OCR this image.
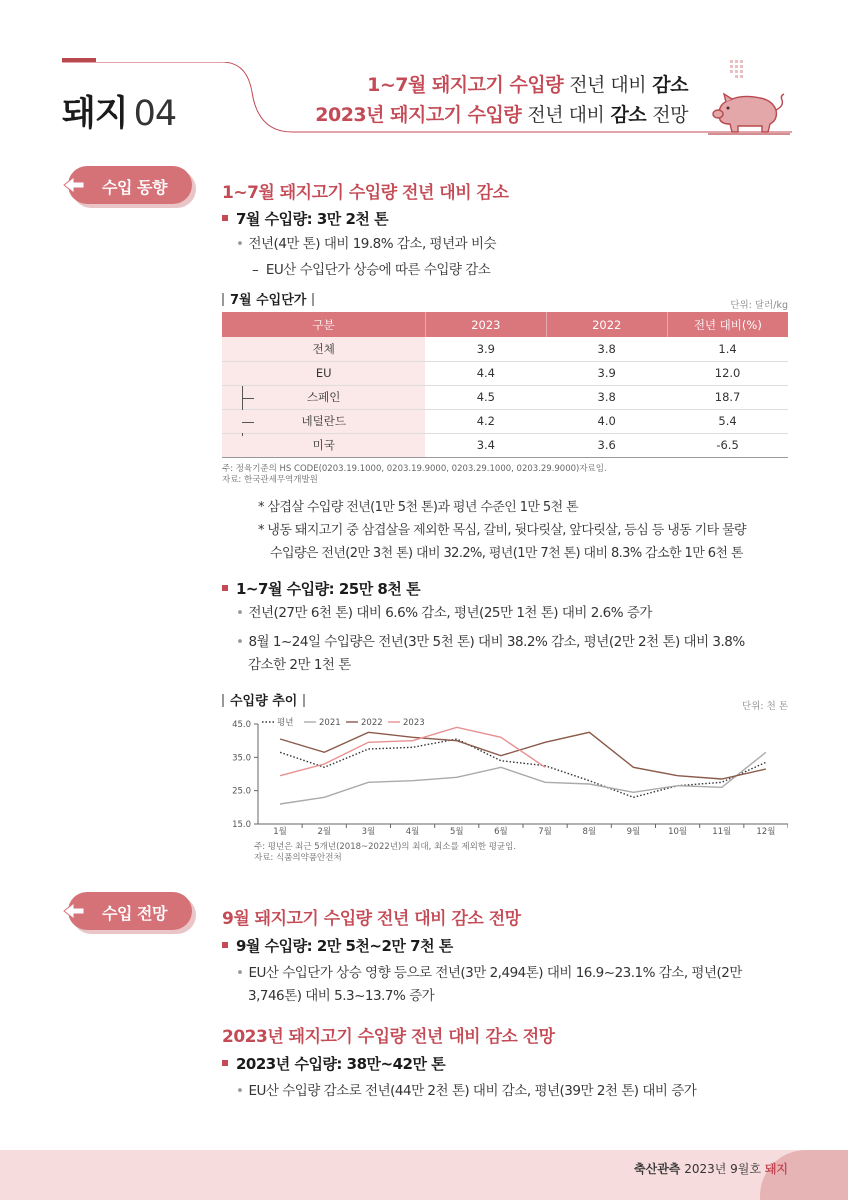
돼지 04
1~7월 돼지고기 수입량 전년 대비 감소
2023년 돼지고기 수입량 전년 대비 감소 전망
수입 동향	1~7월 돼지고기 수입량 전년 대비 감소
7월 수입량: 3만 2천 톤
• 전년(4만 톤) 대비 19.8% 감소, 평년과 비슷
–  EU산 수입단가 상승에 따른 수입량 감소
7월 수입단가	단위: 달러/kg
구분	2023	2022	전년 대비(%)
전체	3.9	3.8	1.4
EU	4.4	3.9	12.0

스페인	4.5	3.8	18.7

네덜란드	4.2	4.0	5.4
미국	3.4	3.6	-6.5
주: 정육기준의 HS CODE(0203.19.1000, 0203.19.9000, 0203.29.1000, 0203.29.9000)자료임.
자료: 한국관세무역개발원
* 삼겹살 수입량 전년(1만 5천 톤)과 평년 수준인 1만 5천 톤
* 냉동 돼지고기 중 삼겹살을 제외한 목심, 갈비, 뒷다릿살, 앞다릿살, 등심 등 냉동 기타 물량
수입량은 전년(2만 3천 톤) 대비 32.2%, 평년(1만 7천 톤) 대비 8.3% 감소한 1만 6천 톤
1~7월 수입량: 25만 8천 톤
• 전년(27만 6천 톤) 대비 6.6% 감소, 평년(25만 1천 톤) 대비 2.6% 증가
• 8월 1~24일 수입량은 전년(3만 5천 톤) 대비 38.2% 감소, 평년(2만 2천 톤) 대비 3.8%
감소한 2만 1천 톤
수입량 추이	단위: 천 톤
15.0
25.0
35.0
45.0
1월	2월	3월	4월	5월	6월	7월	8월	9월	10월	11월	12월
평년	2021 2022 2023
주: 평년은 최근 5개년(2018~2022년)의 최대, 최소를 제외한 평균임.
자료: 식품의약품안전처
수입 전망	9월 돼지고기 수입량 전년 대비 감소 전망
9월 수입량: 2만 5천~2만 7천 톤
• EU산 수입단가 상승 영향 등으로 전년(3만 2,494톤) 대비 16.9~23.1% 감소, 평년(2만
3,746톤) 대비 5.3~13.7% 증가
2023년 돼지고기 수입량 전년 대비 감소 전망
2023년 수입량: 38만~42만 톤
• EU산 수입량 감소로 전년(44만 2천 톤) 대비 감소, 평년(39만 2천 톤) 대비 증가
축산관측 2023년 9월호 돼지
